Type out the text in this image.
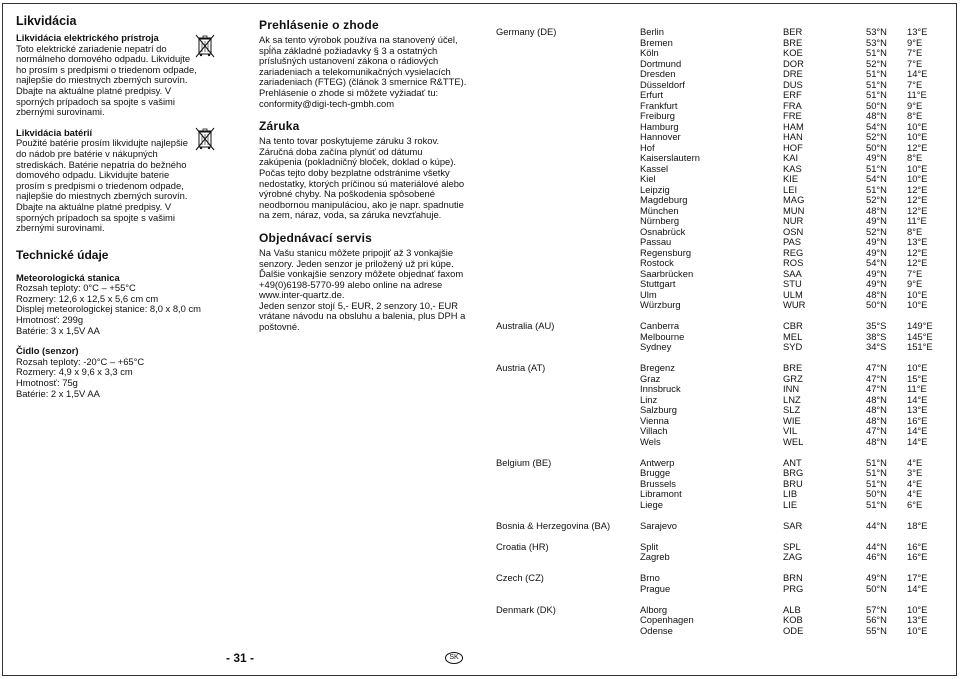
Likvidácia
Likvidácia elektrického prístroja

Toto elektrické zariadenie nepatrí do

normálneho domového odpadu. Likvidujte

ho prosím s predpismi o triedenom odpade,

najlepšie do miestnych zberných surovín.

Dbajte na aktuálne platné predpisy. V

sporných prípadoch sa spojte s vašimi

zbernými surovinami.

Likvidácia batérií

Použité batérie prosím likvidujte najlepšie

do nádob pre batérie v nákupných

strediskách. Batérie nepatria do bežného

domového odpadu. Likvidujte baterie

prosím s predpismi o triedenom odpade,

najlepšie do miestnych zberných surovín.

Dbajte na aktuálne platné predpisy. V

sporných prípadoch sa spojte s vašimi

zbernými surovinami.

Technické údaje
Meteorologická stanica

Rozsah teploty: 0°C – +55°C

Rozmery: 12,6 x 12,5 x 5,6 cm cm

Displej meteorologickej stanice: 8,0 x 8,0 cm

Hmotnosť: 299g

Batérie: 3 x 1,5V AA

Čidlo (senzor)

Rozsah teploty: -20°C – +65°C

Rozmery: 4,9 x 9,6 x 3,3 cm

Hmotnosť: 75g

Batérie: 2 x 1,5V AA

Prehlásenie o zhode

Ak sa tento výrobok používa na stanovený účel,

spĺňa základné požiadavky § 3 a ostatných

príslušných ustanovení zákona o rádiových

zariadeniach a telekomunikačných vysielacích

zariadeniach (FTEG) (článok 3 smernice R&TTE).

Prehlásenie o zhode si môžete vyžiadať tu:

conformity@digi-tech-gmbh.com

Záruka

Na tento tovar poskytujeme záruku 3 rokov.

Záručná doba začína plynúť od dátumu

zakúpenia (pokladničný bloček, doklad o kúpe).

Počas tejto doby bezplatne odstránime všetky

nedostatky, ktorých príčinou sú materiálové alebo

výrobné chyby. Na poškodenia spôsobené

neodbornou manipuláciou, ako je napr. spadnutie

na zem, náraz, voda, sa záruka nevzťahuje.

Objednávací servis

Na Vašu stanicu môžete pripojiť až 3 vonkajšie

senzory. Jeden senzor je priložený už pri kúpe.

Ďalšie vonkajšie senzory môžete objednať faxom

+49(0)6198-5770-99 alebo online na adrese

www.inter-quartz.de.

Jeden senzor stojí 5,- EUR, 2 senzory 10,- EUR

vrátane návodu na obsluhu a balenia, plus DPH a

poštovné.

Germany (DE)	Berlin	BER	53°N 13°E
Bremen	BRE	53°N 9°E
Köln	KOE	51°N 7°E
Dortmund	DOR	52°N 7°E
Dresden	DRE	51°N 14°E
Düsseldorf	DUS	51°N 7°E
Erfurt	ERF	51°N 11°E
Frankfurt	FRA	50°N 9°E
Freiburg	FRE	48°N 8°E
Hamburg	HAM	54°N 10°E
Hannover	HAN	52°N 10°E
Hof	HOF	50°N 12°E
Kaiserslautern	KAI	49°N 8°E
Kassel	KAS	51°N 10°E
Kiel	KIE	54°N 10°E
Leipzig	LEI	51°N 12°E
Magdeburg	MAG	52°N 12°E
München	MUN	48°N 12°E
Nürnberg	NUR	49°N 11°E
Osnabrück	OSN	52°N 8°E
Passau	PAS	49°N 13°E
Regensburg	REG	49°N 12°E
Rostock	ROS	54°N 12°E
Saarbrücken	SAA	49°N 7°E
Stuttgart	STU	49°N 9°E
Ulm	ULM	48°N 10°E
Würzburg	WUR	50°N 10°E
Australia (AU)	Canberra	CBR	35°S 149°E
Melbourne	MEL	38°S 145°E
Sydney	SYD	34°S 151°E
Austria (AT)	Bregenz	BRE	47°N 10°E
Graz	GRZ	47°N 15°E
Innsbruck	INN	47°N 11°E
Linz	LNZ	48°N 14°E
Salzburg	SLZ	48°N 13°E
Vienna	WIE	48°N 16°E
Villach	VIL	47°N 14°E
Wels	WEL	48°N 14°E
Belgium (BE)	Antwerp	ANT	51°N 4°E
Brugge	BRG	51°N 3°E
Brussels	BRU	51°N 4°E
Libramont	LIB	50°N 4°E
Liege	LIE	51°N 6°E
Bosnia & Herzegovina (BA)	Sarajevo	SAR	44°N 18°E
Croatia (HR)	Split	SPL	44°N 16°E
Zagreb	ZAG	46°N 16°E
Czech (CZ)	Brno	BRN	49°N 17°E
Prague	PRG	50°N 14°E
Denmark (DK)	Alborg	ALB	57°N 10°E
Copenhagen	KOB	56°N 13°E
Odense	ODE	55°N 10°E
- 31 -	SK
